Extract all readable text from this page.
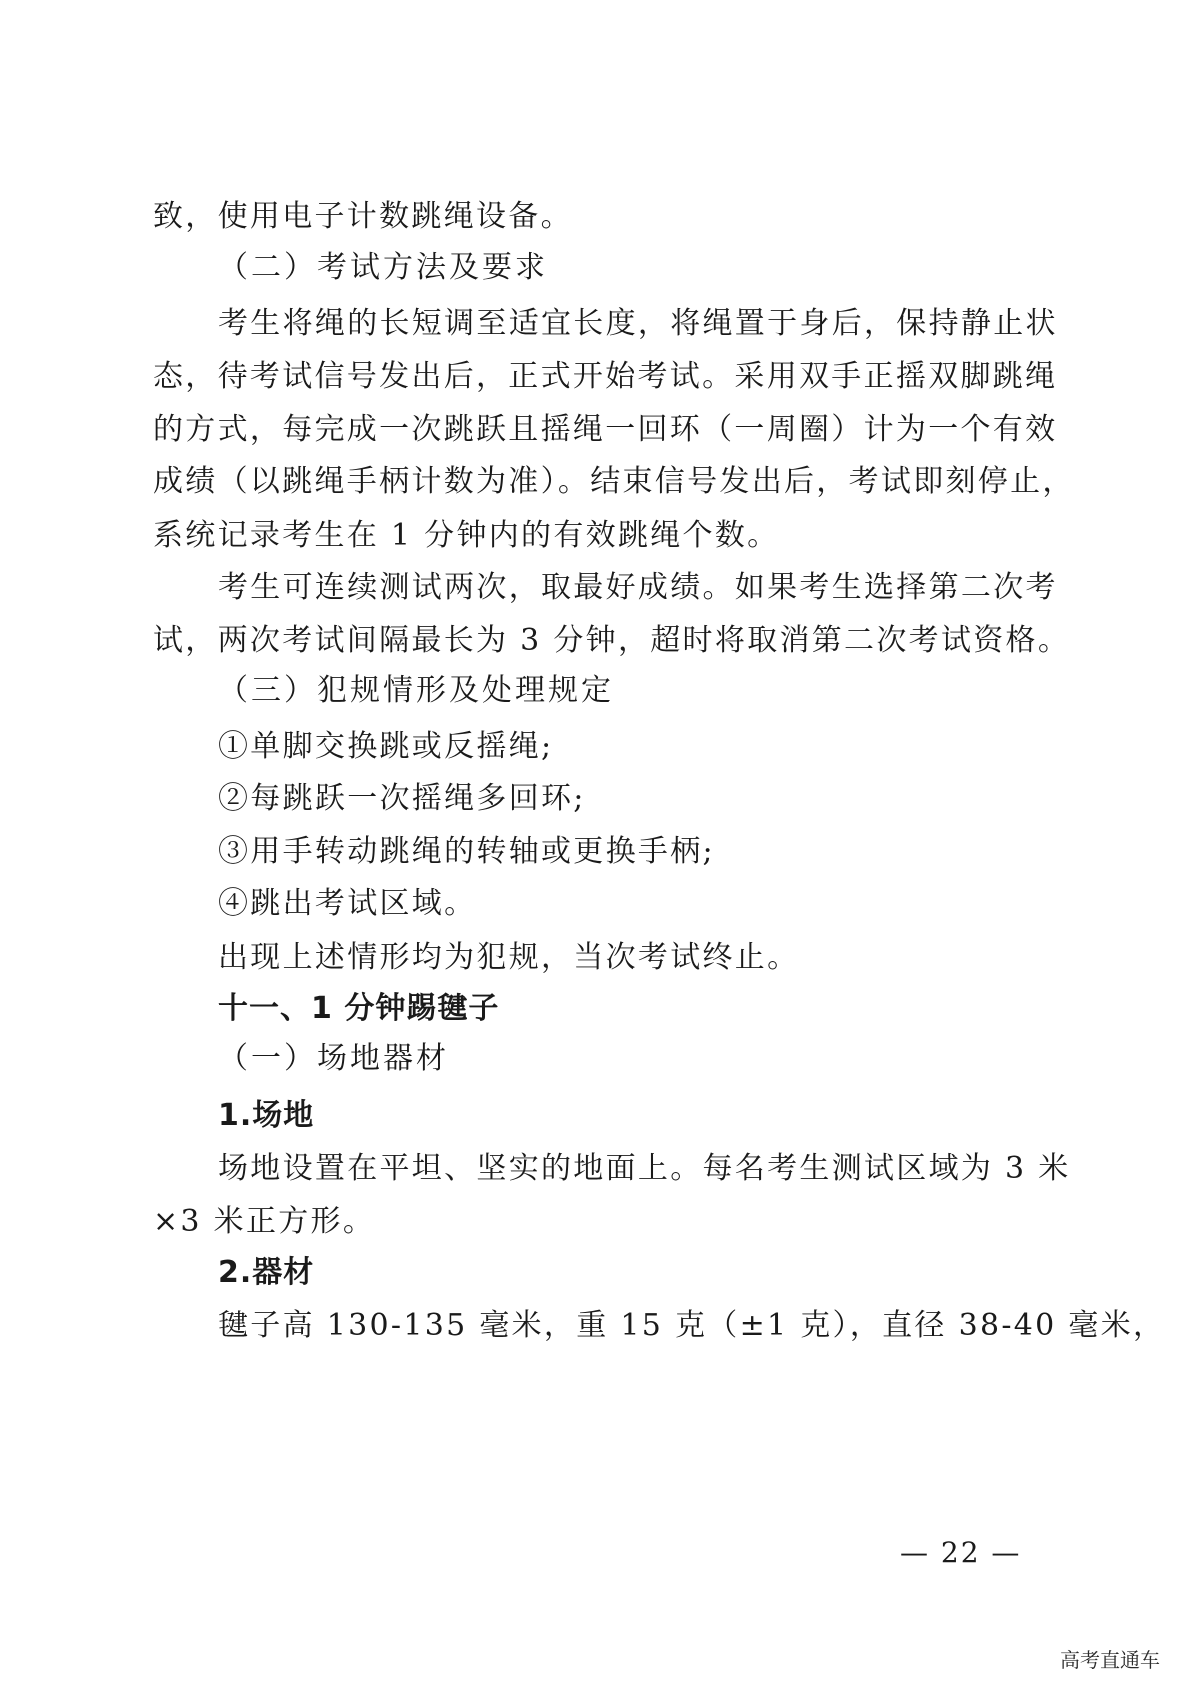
致，使用电子计数跳绳设备。
（二）考试方法及要求
考生将绳的长短调至适宜长度，将绳置于身后，保持静止状
态，待考试信号发出后，正式开始考试。采用双手正摇双脚跳绳
的方式，每完成一次跳跃且摇绳一回环（一周圈）计为一个有效
成绩（以跳绳手柄计数为准）。结束信号发出后，考试即刻停止，
系统记录考生在 1 分钟内的有效跳绳个数。
考生可连续测试两次，取最好成绩。如果考生选择第二次考
试，两次考试间隔最长为 3 分钟，超时将取消第二次考试资格。
（三）犯规情形及处理规定
①单脚交换跳或反摇绳;
②每跳跃一次摇绳多回环;
③用手转动跳绳的转轴或更换手柄;
④跳出考试区域。
出现上述情形均为犯规，当次考试终止。
十一、1 分钟踢毽子
（一）场地器材
1.场地
场地设置在平坦、坚实的地面上。每名考生测试区域为 3 米
×3 米正方形。
2.器材
毽子高 130-135 毫米，重 15 克（±1 克），直径 38-40 毫米，
— 22 —
高考直通车
